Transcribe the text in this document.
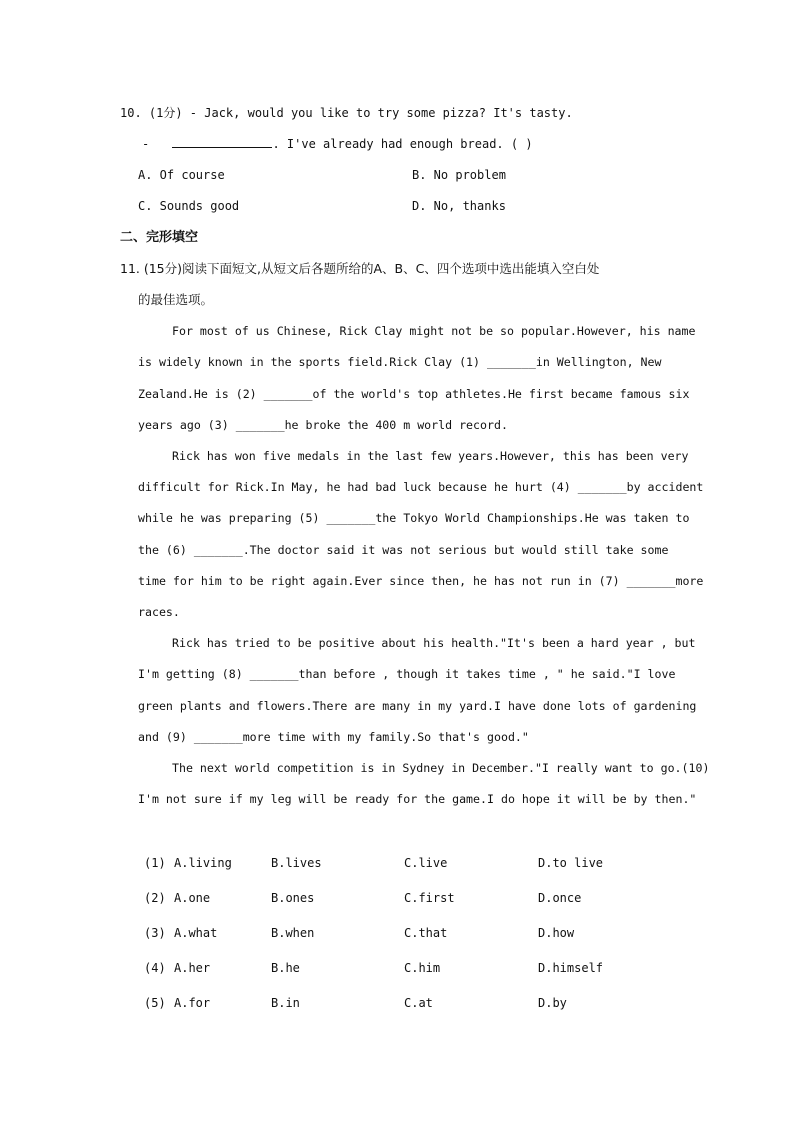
10. (1分) - Jack, would you like to try some pizza? It's tasty.
-	. I've already had enough bread. ( )
A. Of course	B. No problem
C. Sounds good	D. No, thanks
二、完形填空
11. (15分)阅读下面短文,从短文后各题所给的A、B、C、四个选项中选出能填入空白处
的最佳选项。
For most of us Chinese, Rick Clay might not be so popular.However, his name
is widely known in the sports field.Rick Clay (1) _______in Wellington, New
Zealand.He is (2) _______of the world's top athletes.He first became famous six
years ago (3) _______he broke the 400 m world record.
Rick has won five medals in the last few years.However, this has been very
difficult for Rick.In May, he had bad luck because he hurt (4) _______by accident
while he was preparing (5) _______the Tokyo World Championships.He was taken to
the (6) _______.The doctor said it was not serious but would still take some
time for him to be right again.Ever since then, he has not run in (7) _______more
races.
Rick has tried to be positive about his health."It's been a hard year , but
I'm getting (8) _______than before , though it takes time , " he said."I love
green plants and flowers.There are many in my yard.I have done lots of gardening
and (9) _______more time with my family.So that's good."
The next world competition is in Sydney in December."I really want to go.(10)
I'm not sure if my leg will be ready for the game.I do hope it will be by then."
(1) A.living	B.lives	C.live	D.to live
(2) A.one	B.ones	C.first	D.once
(3) A.what	B.when	C.that	D.how
(4) A.her	B.he	C.him	D.himself
(5) A.for	B.in	C.at	D.by
